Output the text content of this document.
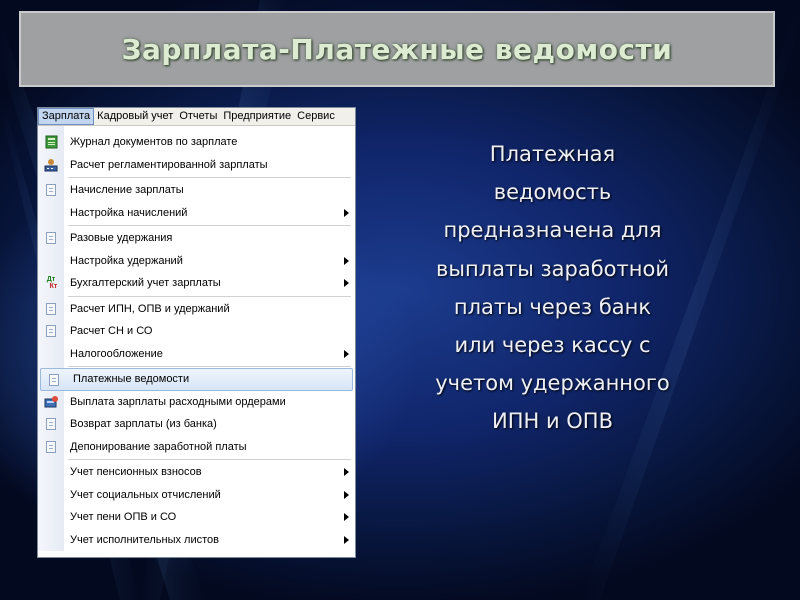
Зарплата-Платежные ведомости
Зарплата Кадровый учет Отчеты Предприятие Сервис
Журнал документов по зарплате
Расчет регламентированной зарплаты
Начисление зарплаты
Настройка начислений
Разовые удержания
Настройка удержаний
Дт
Кт Бухгалтерский учет зарплаты
Расчет ИПН, ОПВ и удержаний
Расчет СН и СО
Налогообложение
Платежные ведомости
Выплата зарплаты расходными ордерами
Возврат зарплаты (из банка)
Депонирование заработной платы
Учет пенсионных взносов
Учет социальных отчислений
Учет пени ОПВ и СО
Учет исполнительных листов
Платежная
ведомость
предназначена для
выплаты заработной
платы через банк
или через кассу с
учетом удержанного
ИПН и ОПВ
